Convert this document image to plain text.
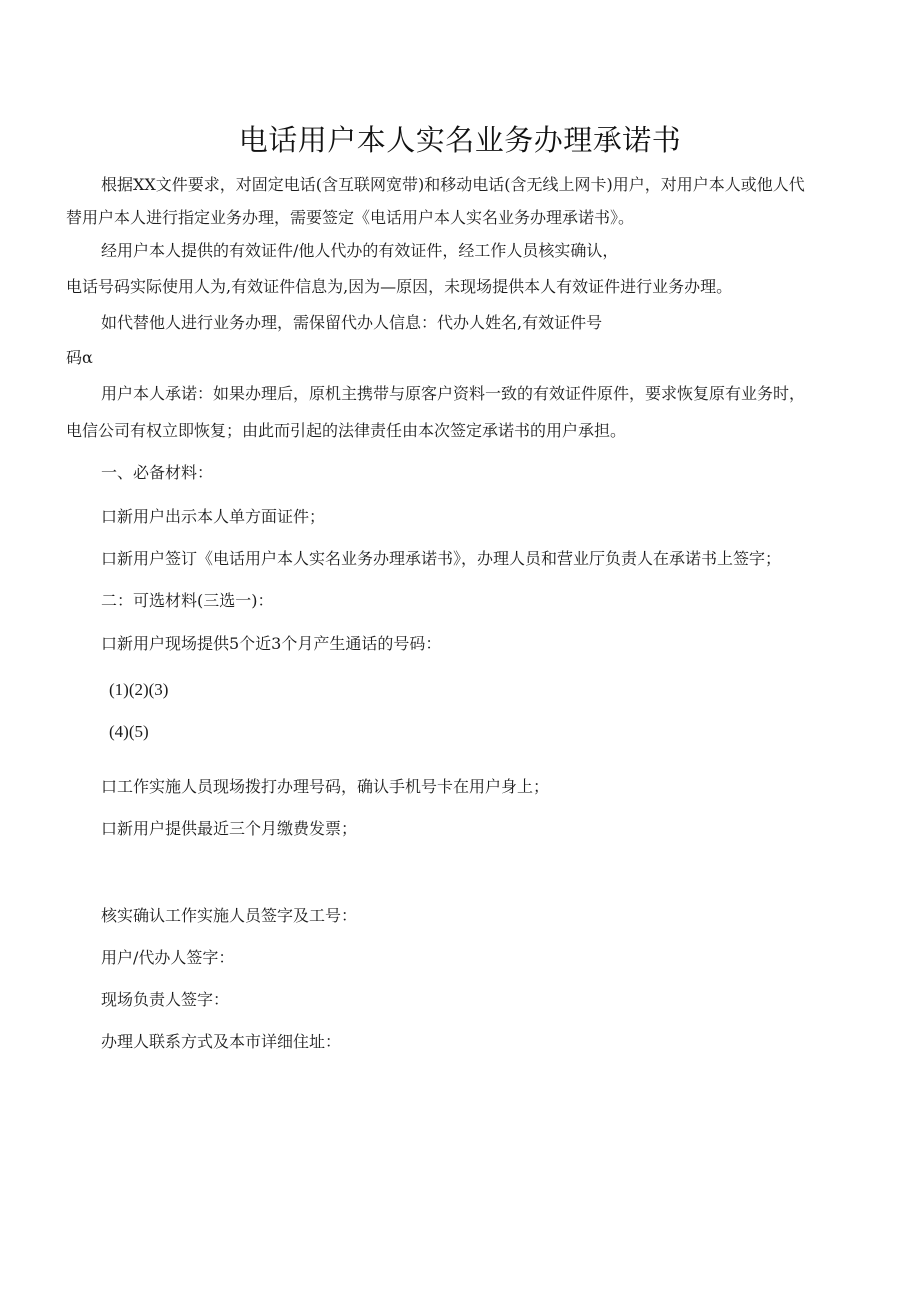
电话用户本人实名业务办理承诺书
根据XX文件要求，对固定电话(含互联网宽带)和移动电话(含无线上网卡)用户，对用户本人或他人代
替用户本人进行指定业务办理，需要签定《电话用户本人实名业务办理承诺书》。
经用户本人提供的有效证件/他人代办的有效证件，经工作人员核实确认，
电话号码实际使用人为,有效证件信息为,因为—原因，未现场提供本人有效证件进行业务办理。
如代替他人进行业务办理，需保留代办人信息：代办人姓名,有效证件号
码α
用户本人承诺：如果办理后，原机主携带与原客户资料一致的有效证件原件，要求恢复原有业务时，
电信公司有权立即恢复；由此而引起的法律责任由本次签定承诺书的用户承担。
一、必备材料：
口新用户出示本人单方面证件；
口新用户签订《电话用户本人实名业务办理承诺书》，办理人员和营业厅负责人在承诺书上签字；
二：可选材料(三选一)：
口新用户现场提供5个近3个月产生通话的号码：
(1)(2)(3)
(4)(5)
口工作实施人员现场拨打办理号码，确认手机号卡在用户身上；
口新用户提供最近三个月缴费发票；
核实确认工作实施人员签字及工号：
用户/代办人签字：
现场负责人签字：
办理人联系方式及本市详细住址：
